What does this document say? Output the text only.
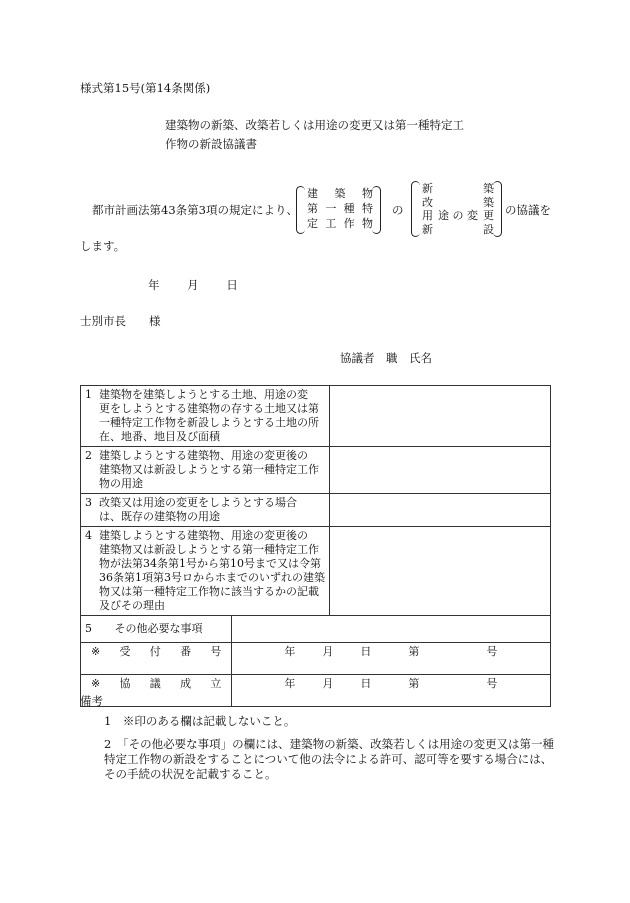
様式第15号(第14条関係)
建築物の新築、改築若しくは用途の変更又は第一種特定工
作物の新設協議書
都市計画法第43条第3項の規定により、
建 築 物
第 一 種 特
定 工 作 物
の
新	築
改	築
用 途 の 変 更
新	設
の協議を
します。
年 月 日
士別市長　　様
協議者　職　氏名
1 建築物を建築しようとする土地、用途の変
更をしようとする建築物の存する土地又は第一種特定工作物を新設しようとする土地の所在、地番、地目及び面積		

2 建築しようとする建築物、用途の変更後の
建築物又は新設しようとする第一種特定工作物の用途		

3 改築又は用途の変更をしようとする場合
は、既存の建築物の用途		

4 建築しようとする建築物、用途の変更後の
建築物又は新設しようとする第一種特定工作物が法第34条第1号から第10号まで又は令第36条第1項第3号ロからホまでのいずれの建築物又は第一種特定工作物に該当するかの記載及びその理由		

5 その他必要な事項		

※ 受 付 番 号	年 月 日 第 号	

※ 協 議 成 立	年 月 日 第 号	
備考
1　※印のある欄は記載しないこと。
2　「その他必要な事項」の欄には、建築物の新築、改築若しくは用途の変更又は第一種特定工作物の新設をすることについて他の法令による許可、認可等を要する場合には、その手続の状況を記載すること。
